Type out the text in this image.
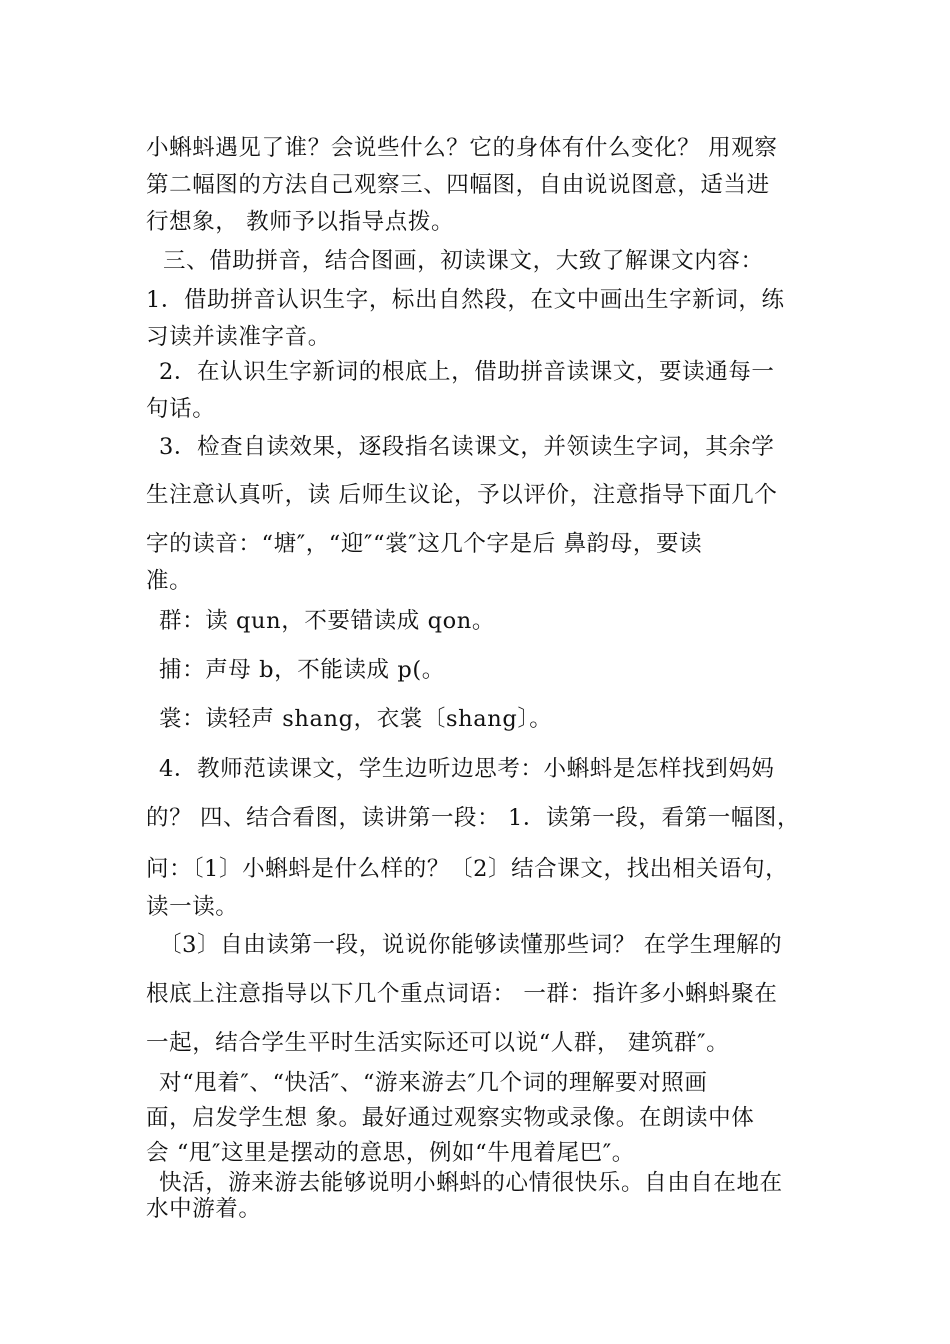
小蝌蚪遇见了谁？会说些什么？它的身体有什么变化？ 用观察
第二幅图的方法自己观察三、四幅图，自由说说图意，适当进
行想象， 教师予以指导点拨。
三、借助拼音，结合图画，初读课文，大致了解课文内容：
1．借助拼音认识生字，标出自然段，在文中画出生字新词，练
习读并读准字音。
2．在认识生字新词的根底上，借助拼音读课文，要读通每一
句话。
3．检查自读效果，逐段指名读课文，并领读生字词，其余学
生注意认真听，读 后师生议论，予以评价，注意指导下面几个
字的读音：“塘″，“迎″“裳″这几个字是后 鼻韵母，要读
准。
群：读 qun，不要错读成 qon。
捕：声母 b，不能读成 p(。
裳：读轻声 shang，衣裳〔shang〕。
4．教师范读课文，学生边听边思考：小蝌蚪是怎样找到妈妈
的？ 四、结合看图，读讲第一段： 1．读第一段，看第一幅图，
问：〔1〕小蝌蚪是什么样的？〔2〕结合课文，找出相关语句，
读一读。
〔3〕自由读第一段，说说你能够读懂那些词？ 在学生理解的
根底上注意指导以下几个重点词语： 一群：指许多小蝌蚪聚在
一起，结合学生平时生活实际还可以说“人群， 建筑群″。
对“甩着″、“快活″、“游来游去″几个词的理解要对照画
面，启发学生想 象。最好通过观察实物或录像。在朗读中体
会 “甩″这里是摆动的意思，例如“牛甩着尾巴″。
快活，游来游去能够说明小蝌蚪的心情很快乐。自由自在地在
水中游着。
